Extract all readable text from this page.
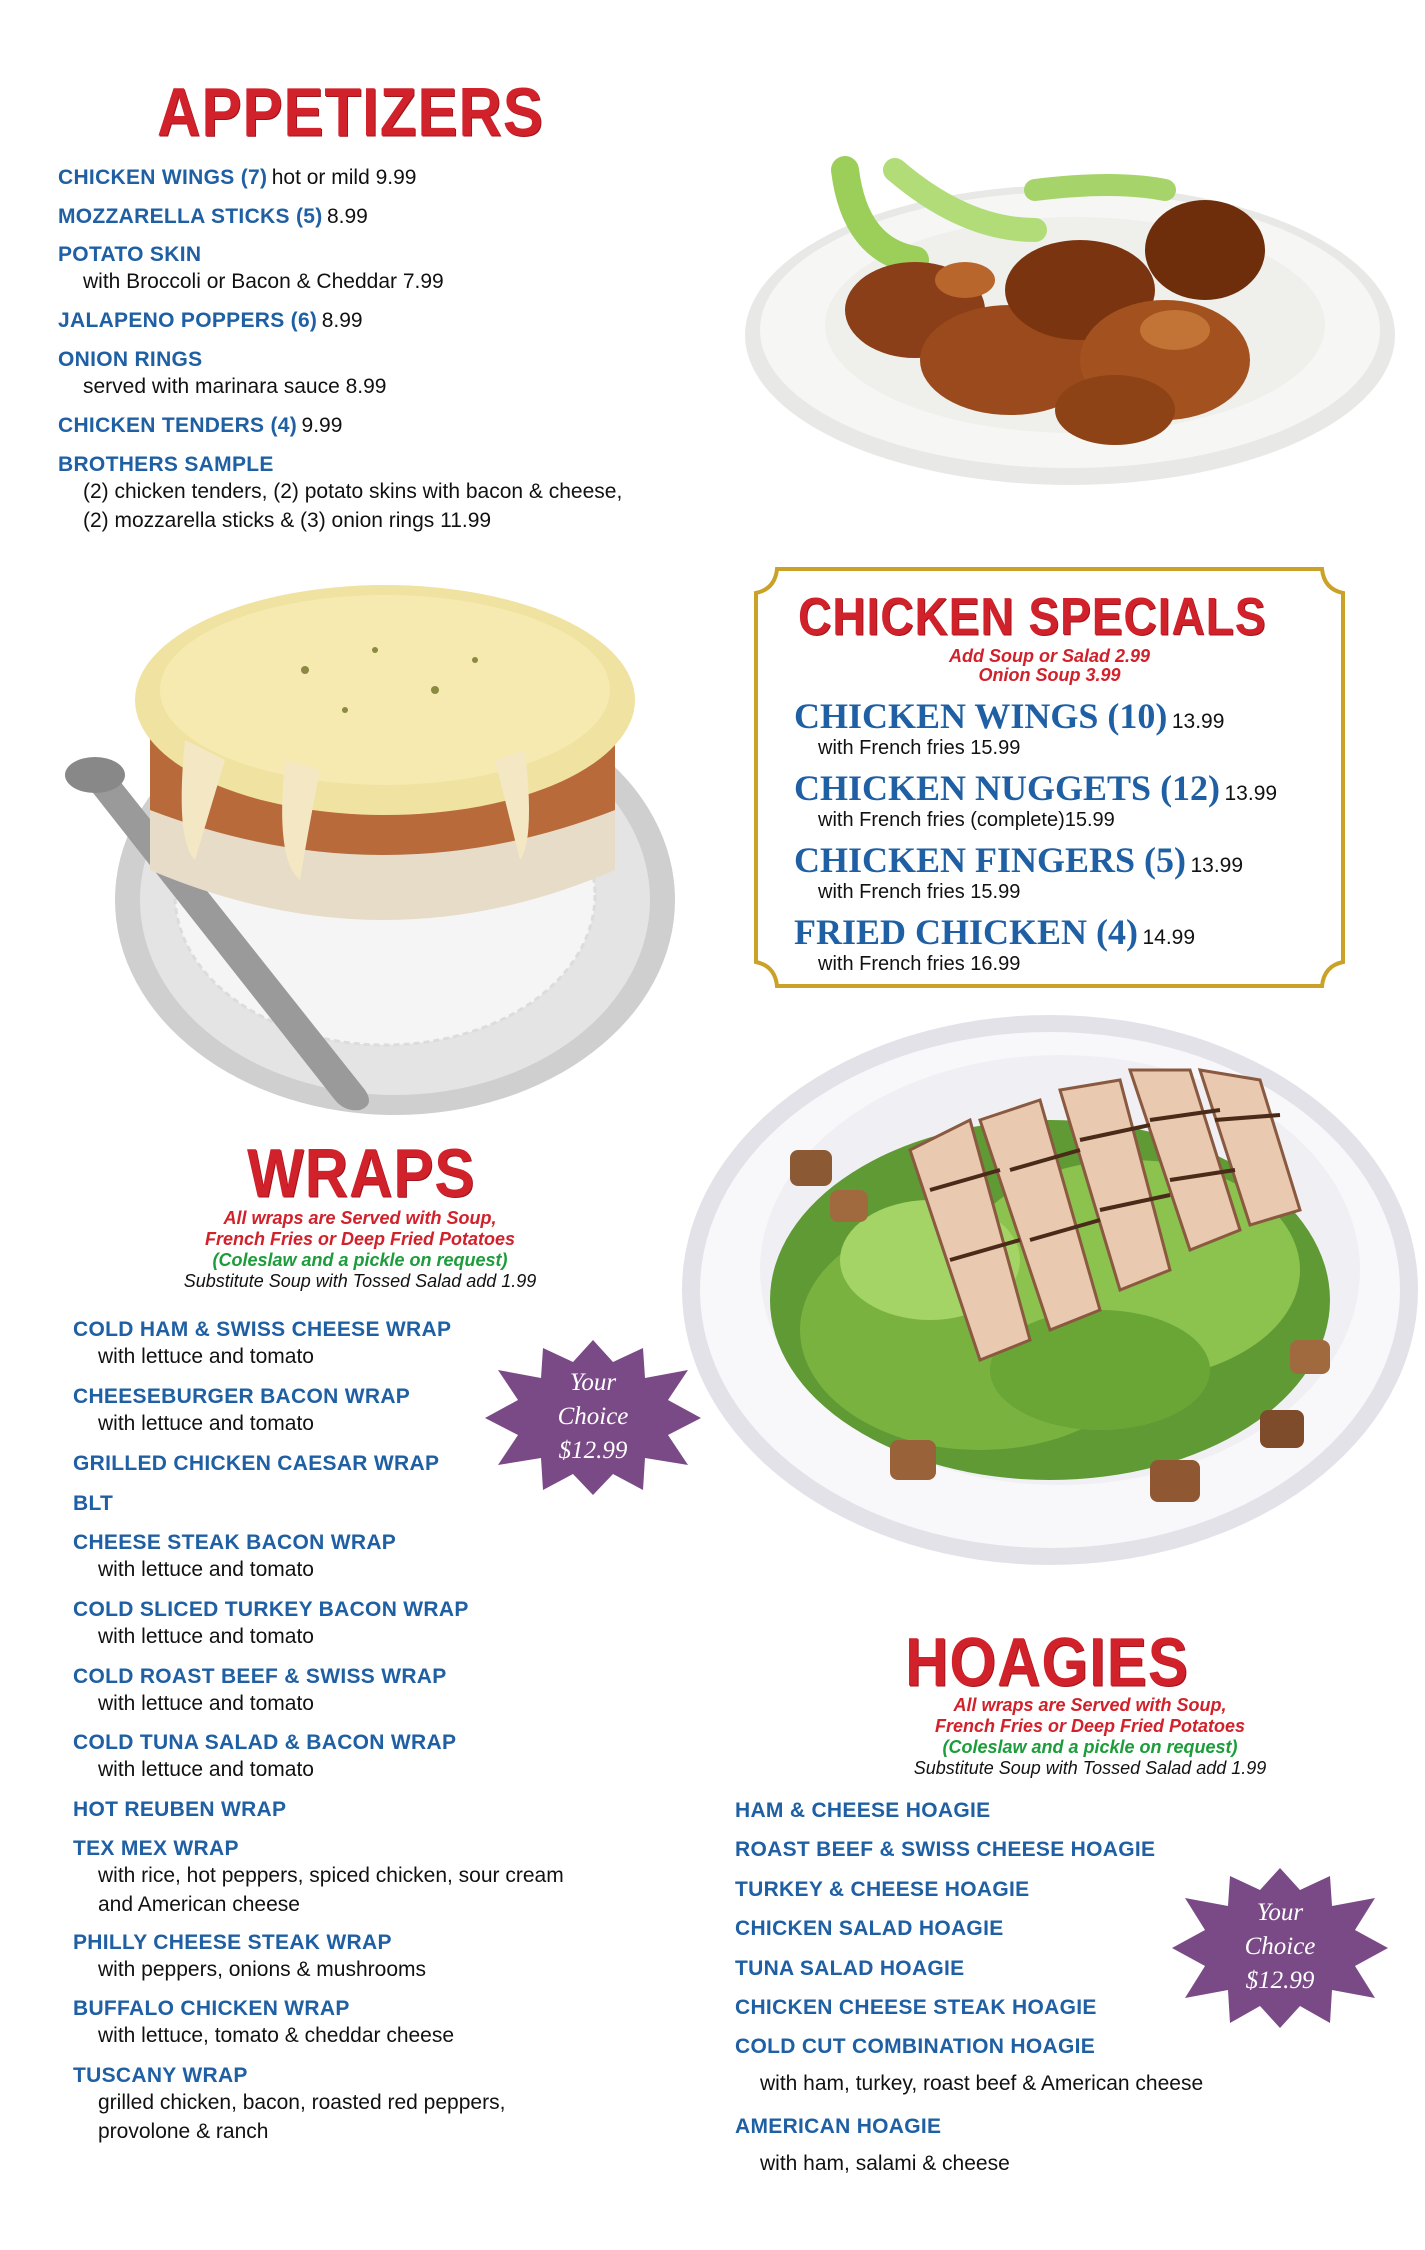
APPETIZERS
CHICKEN WINGS (7) hot or mild 9.99
MOZZARELLA STICKS (5) 8.99
POTATO SKIN
with Broccoli or Bacon & Cheddar 7.99
JALAPENO POPPERS (6) 8.99
ONION RINGS
served with marinara sauce 8.99
CHICKEN TENDERS (4) 9.99
BROTHERS SAMPLE
(2) chicken tenders, (2) potato skins with bacon & cheese,
(2) mozzarella sticks & (3) onion rings 11.99
CHICKEN SPECIALS
Add Soup or Salad 2.99
Onion Soup 3.99
CHICKEN WINGS (10) 13.99
with French fries 15.99
CHICKEN NUGGETS (12) 13.99
with French fries (complete)15.99
CHICKEN FINGERS (5) 13.99
with French fries 15.99
FRIED CHICKEN (4) 14.99
with French fries 16.99
WRAPS
All wraps are Served with Soup,
French Fries or Deep Fried Potatoes
(Coleslaw and a pickle on request)
Substitute Soup with Tossed Salad add 1.99
COLD HAM & SWISS CHEESE WRAP
with lettuce and tomato
CHEESEBURGER BACON WRAP
with lettuce and tomato
GRILLED CHICKEN CAESAR WRAP
BLT
CHEESE STEAK BACON WRAP
with lettuce and tomato
COLD SLICED TURKEY BACON WRAP
with lettuce and tomato
COLD ROAST BEEF & SWISS WRAP
with lettuce and tomato
COLD TUNA SALAD & BACON WRAP
with lettuce and tomato
HOT REUBEN WRAP
TEX MEX WRAP
with rice, hot peppers, spiced chicken, sour cream
and American cheese
PHILLY CHEESE STEAK WRAP
with peppers, onions & mushrooms
BUFFALO CHICKEN WRAP
with lettuce, tomato & cheddar cheese
TUSCANY WRAP
grilled chicken, bacon, roasted red peppers,
provolone & ranch
Your
Choice
$12.99
HOAGIES
All wraps are Served with Soup,
French Fries or Deep Fried Potatoes
(Coleslaw and a pickle on request)
Substitute Soup with Tossed Salad add 1.99
HAM & CHEESE HOAGIE
ROAST BEEF & SWISS CHEESE HOAGIE
TURKEY & CHEESE HOAGIE
CHICKEN SALAD HOAGIE
TUNA SALAD HOAGIE
CHICKEN CHEESE STEAK HOAGIE
COLD CUT COMBINATION HOAGIE
with ham, turkey, roast beef & American cheese
AMERICAN HOAGIE
with ham, salami & cheese
Your
Choice
$12.99
